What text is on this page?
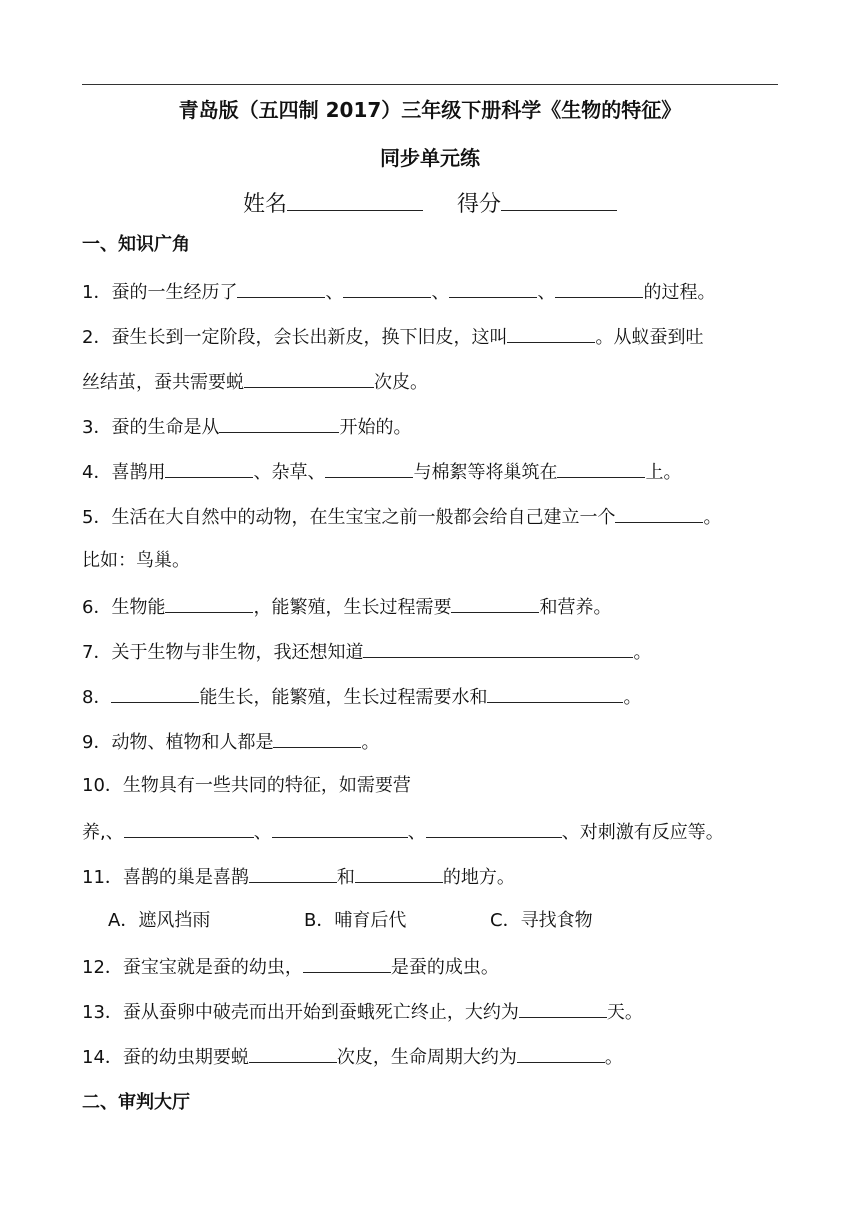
青岛版（五四制 2017）三年级下册科学《生物的特征》
同步单元练
姓名	得分
一、知识广角
1．蚕的一生经历了	、	、	、	的过程。
2．蚕生长到一定阶段，会长出新皮，换下旧皮，这叫	。从蚁蚕到吐
丝结茧，蚕共需要蜕	次皮。
3．蚕的生命是从	开始的。
4．喜鹊用	、杂草、	与棉絮等将巢筑在	上。
5．生活在大自然中的动物，在生宝宝之前一般都会给自己建立一个	。
比如：鸟巢。
6．生物能	，能繁殖，生长过程需要	和营养。
7．关于生物与非生物，我还想知道	。
8．	能生长，能繁殖，生长过程需要水和	。
9．动物、植物和人都是	。
10．生物具有一些共同的特征，如需要营
养,、	、	、	、对刺激有反应等。
11．喜鹊的巢是喜鹊	和	的地方。
A．遮风挡雨	B．哺育后代	C．寻找食物
12．蚕宝宝就是蚕的幼虫，	是蚕的成虫。
13．蚕从蚕卵中破壳而出开始到蚕蛾死亡终止，大约为	天。
14．蚕的幼虫期要蜕	次皮，生命周期大约为	。
二、审判大厅
